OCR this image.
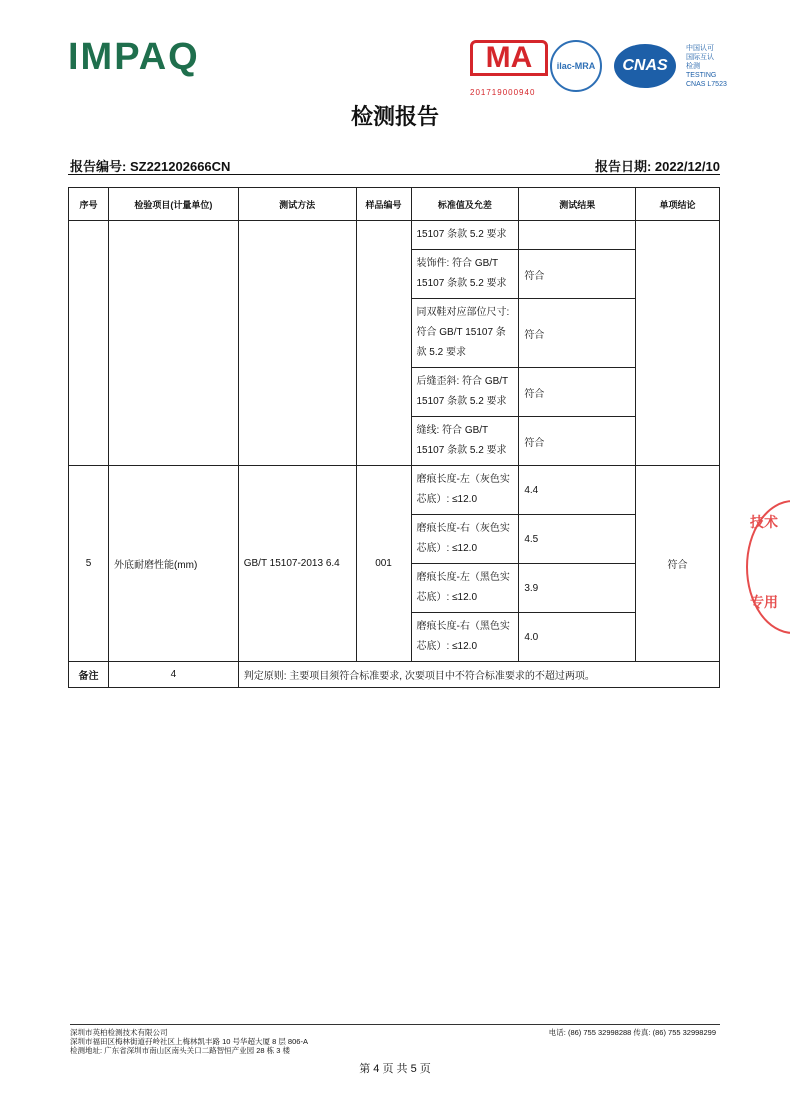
IMPAQ	MA
201719000940
ilac-MRA	CNAS
中国认可
国际互认
检测
TESTING
CNAS L7523
检测报告
报告编号: SZ221202666CN	报告日期: 2022/12/10
序号	检验项目(计量单位)	测试方法	样品编号	标准值及允差	测试结果	单项结论
				15107 条款 5.2 要求		
				装饰件: 符合 GB/T 15107 条款 5.2 要求	符合	
				同双鞋对应部位尺寸: 符合 GB/T 15107 条款 5.2 要求	符合	
				后缝歪斜: 符合 GB/T 15107 条款 5.2 要求	符合	
				缝线: 符合 GB/T 15107 条款 5.2 要求	符合	
5	外底耐磨性能(mm)	GB/T 15107-2013 6.4	001	磨痕长度-左（灰色实芯底）: ≤12.0	4.4	符合
				磨痕长度-右（灰色实芯底）: ≤12.0	4.5	
				磨痕长度-左（黑色实芯底）: ≤12.0	3.9	
				磨痕长度-右（黑色实芯底）: ≤12.0	4.0	
备注	4	判定原则: 主要项目须符合标准要求, 次要项目中不符合标准要求的不超过两项。				
技术
专用
深圳市英柏检测技术有限公司
深圳市福田区梅林街道孖岭社区上梅林凯丰路 10 号华超大厦 8 层 806-A
检测地址: 广东省深圳市南山区南头关口二路智恒产业园 28 栋 3 楼
电话: (86) 755 32998288 传真: (86) 755 32998299
第 4 页 共 5 页
